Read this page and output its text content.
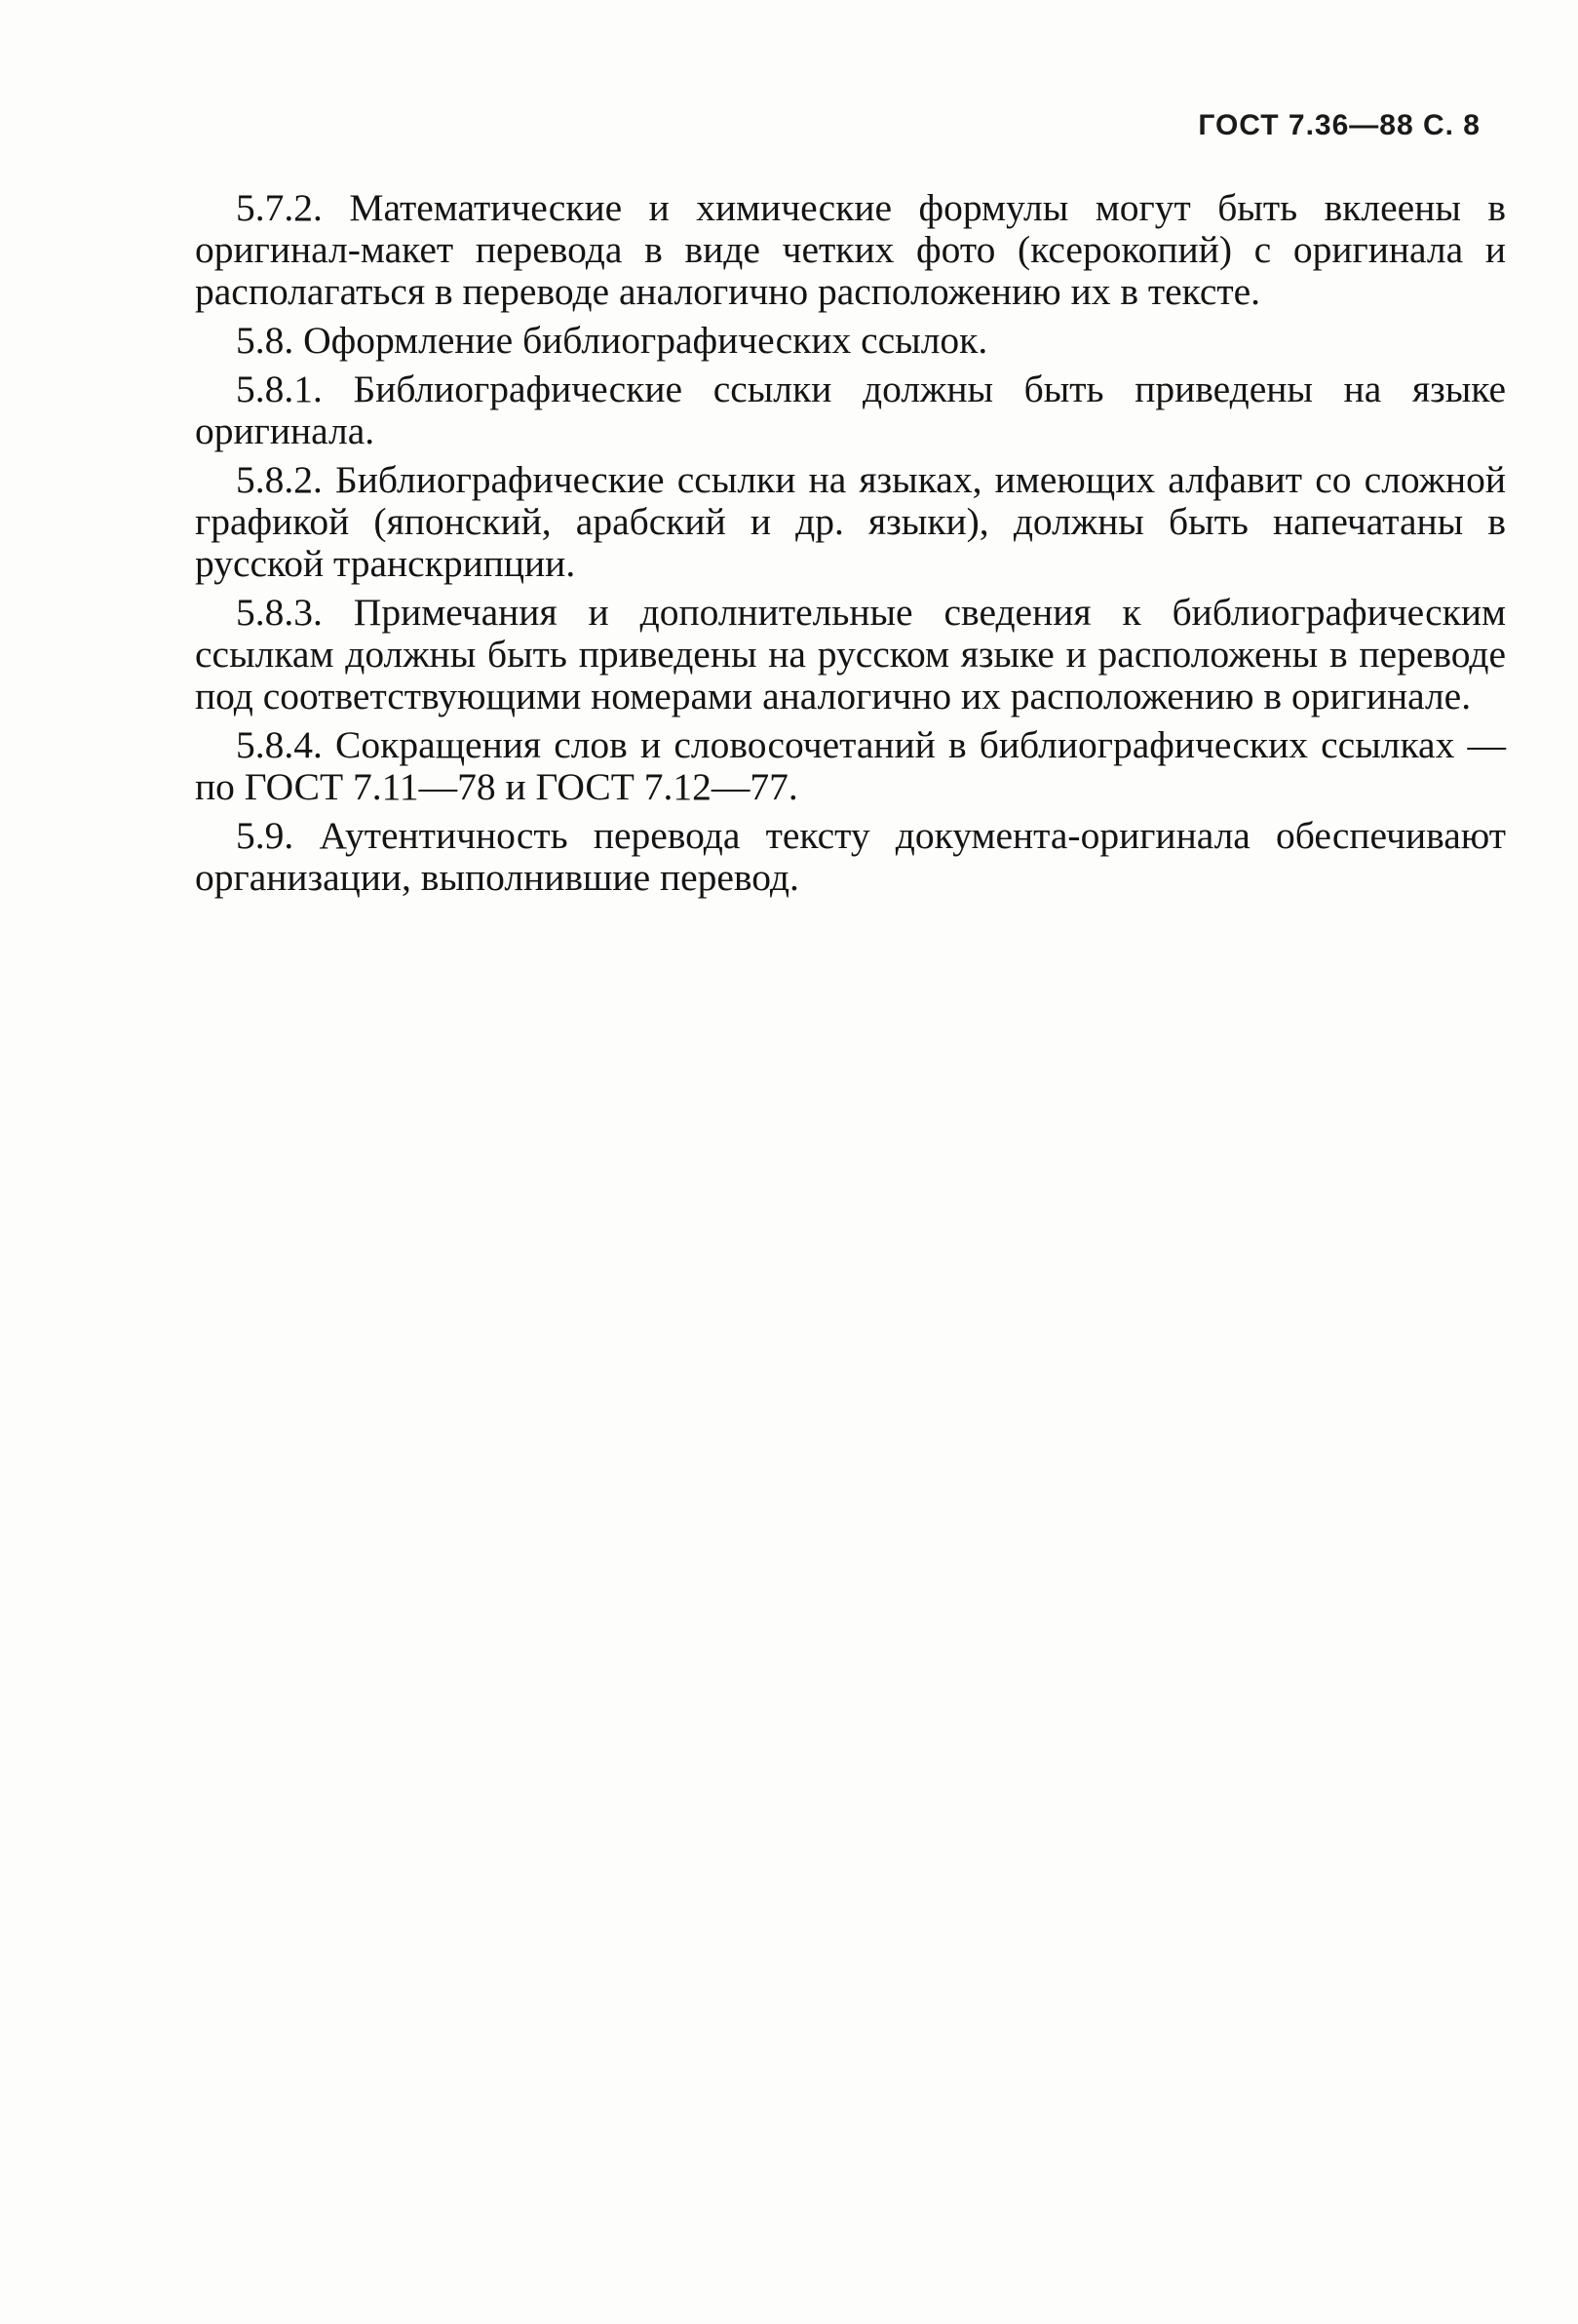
ГОСТ 7.36—88 С. 8

5.7.2. Математические и химические формулы могут быть вклеены в оригинал-макет перевода в виде четких фото (ксерокопий) с оригинала и располагаться в переводе аналогично расположению их в тексте.

5.8. Оформление библиографических ссылок.

5.8.1. Библиографические ссылки должны быть приведены на языке оригинала.

5.8.2. Библиографические ссылки на языках, имеющих алфавит со сложной графикой (японский, арабский и др. языки), должны быть напечатаны в русской транскрипции.

5.8.3. Примечания и дополнительные сведения к библиографическим ссылкам должны быть приведены на русском языке и расположены в переводе под соответствующими номерами аналогично их расположению в оригинале.

5.8.4. Сокращения слов и словосочетаний в библиографических ссылках — по ГОСТ 7.11—78 и ГОСТ 7.12—77.

5.9. Аутентичность перевода тексту документа-оригинала обеспечивают организации, выполнившие перевод.
